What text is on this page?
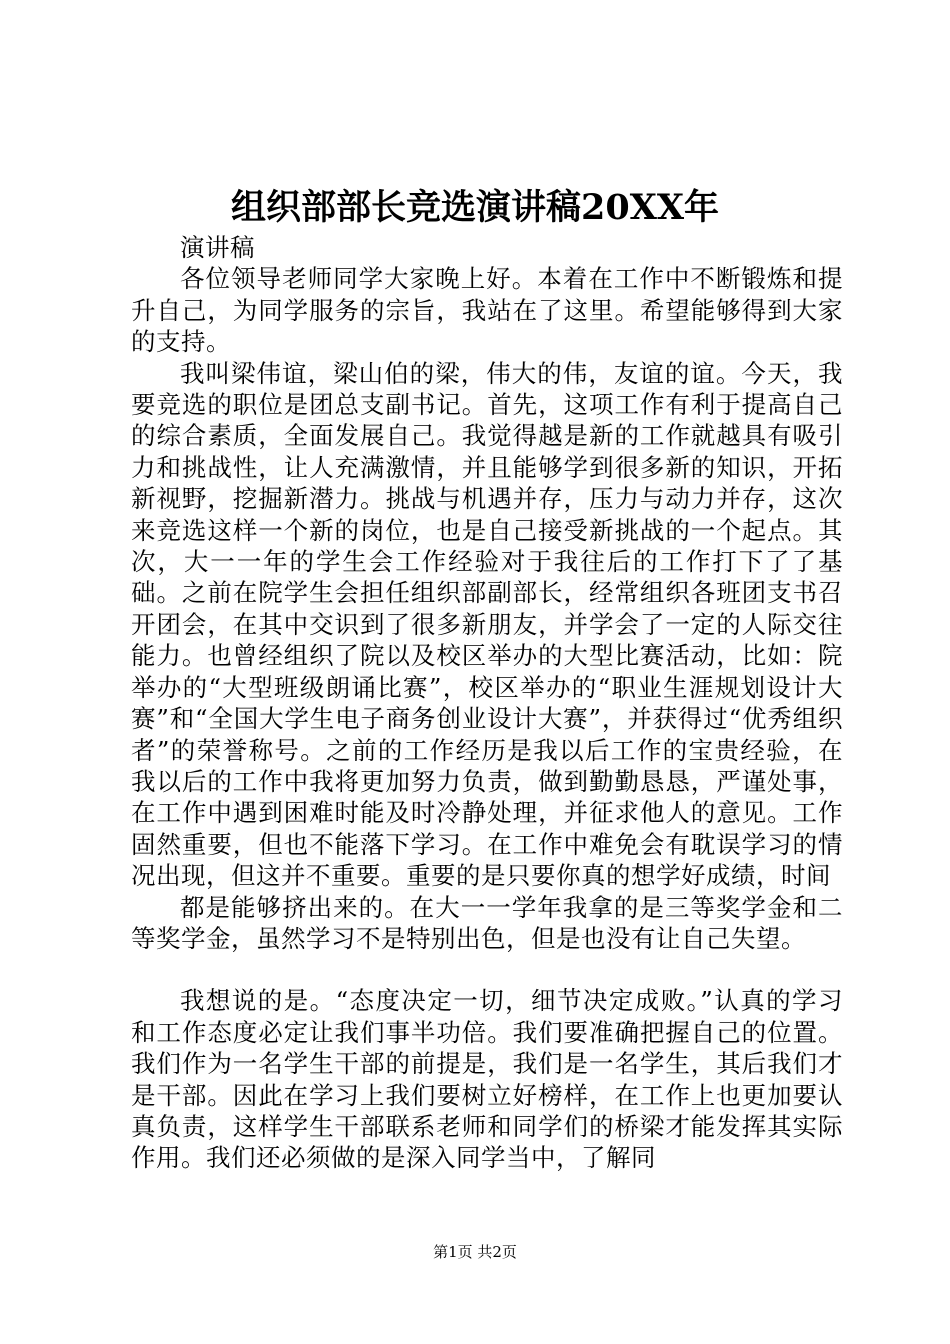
组织部部长竞选演讲稿20XX年

演讲稿

各位领导老师同学大家晚上好。本着在工作中不断锻炼和提升自己，为同学服务的宗旨，我站在了这里。希望能够得到大家的支持。

我叫梁伟谊，梁山伯的梁，伟大的伟，友谊的谊。今天，我要竞选的职位是团总支副书记。首先，这项工作有利于提高自己的综合素质，全面发展自己。我觉得越是新的工作就越具有吸引力和挑战性，让人充满激情，并且能够学到很多新的知识，开拓新视野，挖掘新潜力。挑战与机遇并存，压力与动力并存，这次来竞选这样一个新的岗位，也是自己接受新挑战的一个起点。其次，大一一年的学生会工作经验对于我往后的工作打下了了基础。之前在院学生会担任组织部副部长，经常组织各班团支书召开团会，在其中交识到了很多新朋友，并学会了一定的人际交往能力。也曾经组织了院以及校区举办的大型比赛活动，比如：院举办的“大型班级朗诵比赛”，校区举办的“职业生涯规划设计大赛”和“全国大学生电子商务创业设计大赛”，并获得过“优秀组织者”的荣誉称号。之前的工作经历是我以后工作的宝贵经验，在我以后的工作中我将更加努力负责，做到勤勤恳恳，严谨处事，在工作中遇到困难时能及时冷静处理，并征求他人的意见。工作固然重要，但也不能落下学习。在工作中难免会有耽误学习的情况出现，但这并不重要。重要的是只要你真的想学好成绩，时间

都是能够挤出来的。在大一一学年我拿的是三等奖学金和二等奖学金，虽然学习不是特别出色，但是也没有让自己失望。

我想说的是。“态度决定一切，细节决定成败。”认真的学习和工作态度必定让我们事半功倍。我们要准确把握自己的位置。我们作为一名学生干部的前提是，我们是一名学生，其后我们才是干部。因此在学习上我们要树立好榜样，在工作上也更加要认真负责，这样学生干部联系老师和同学们的桥梁才能发挥其实际作用。我们还必须做的是深入同学当中，了解同

第1页 共2页
